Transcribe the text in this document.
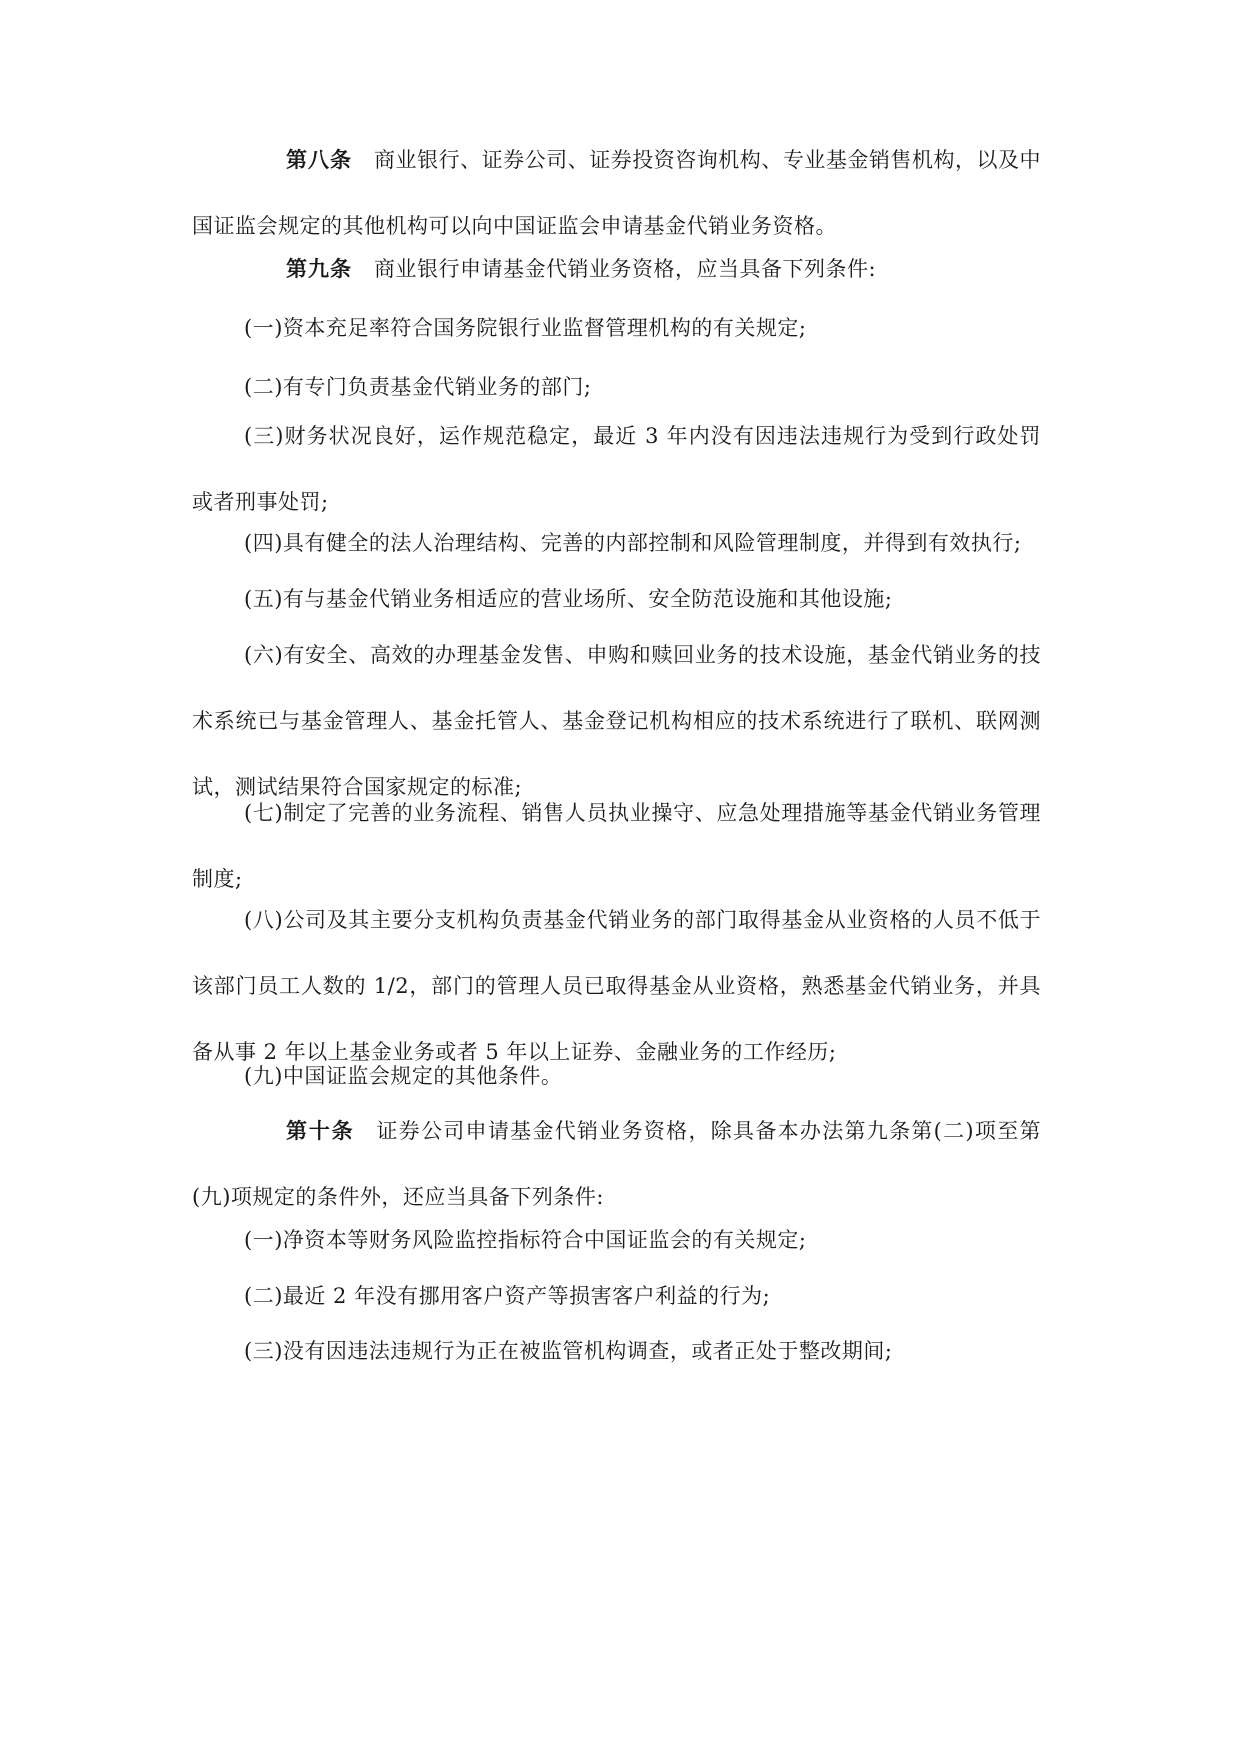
第八条 商业银行、证券公司、证券投资咨询机构、专业基金销售机构，以及中国证监会规定的其他机构可以向中国证监会申请基金代销业务资格。

第九条 商业银行申请基金代销业务资格，应当具备下列条件:

(一)资本充足率符合国务院银行业监督管理机构的有关规定;

(二)有专门负责基金代销业务的部门;

(三)财务状况良好，运作规范稳定，最近 3 年内没有因违法违规行为受到行政处罚或者刑事处罚;

(四)具有健全的法人治理结构、完善的内部控制和风险管理制度，并得到有效执行;

(五)有与基金代销业务相适应的营业场所、安全防范设施和其他设施;

(六)有安全、高效的办理基金发售、申购和赎回业务的技术设施，基金代销业务的技术系统已与基金管理人、基金托管人、基金登记机构相应的技术系统进行了联机、联网测试，测试结果符合国家规定的标准;

(七)制定了完善的业务流程、销售人员执业操守、应急处理措施等基金代销业务管理制度;

(八)公司及其主要分支机构负责基金代销业务的部门取得基金从业资格的人员不低于该部门员工人数的 1/2，部门的管理人员已取得基金从业资格，熟悉基金代销业务，并具备从事 2 年以上基金业务或者 5 年以上证券、金融业务的工作经历;

(九)中国证监会规定的其他条件。

第十条 证券公司申请基金代销业务资格，除具备本办法第九条第(二)项至第(九)项规定的条件外，还应当具备下列条件:

(一)净资本等财务风险监控指标符合中国证监会的有关规定;

(二)最近 2 年没有挪用客户资产等损害客户利益的行为;

(三)没有因违法违规行为正在被监管机构调查，或者正处于整改期间;
